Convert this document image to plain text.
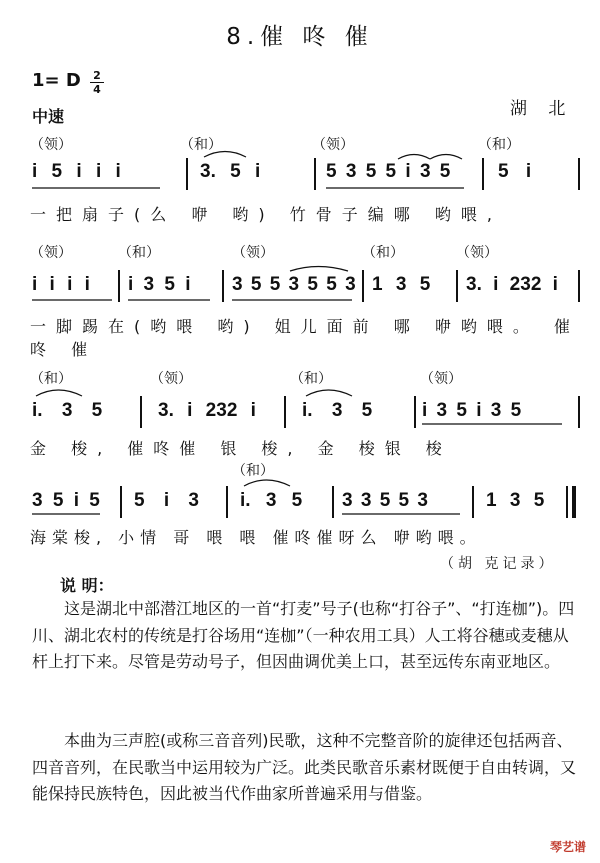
8.催 咚 催
1= D 2
4
中速	湖 北
（领）	（和）	（领）	（和）
i 5 i i i	3. 5 i	5 3 5 5 i 3 5	5 i
一把扇子(么 咿 哟) 竹骨子编哪 哟喂,
（领）	（和）	（领）	（和）	（领）
i i i i i 3 5 i 3 5 5 3 5 5 3 1 3 5 3. i 232 i
一脚踢在(哟喂 哟) 姐儿面前 哪 咿哟喂。 催咚 催
（和）	（领）	（和）	（领）
i. 3 5	3. i 232 i i. 3 5	i 3 5 i 3 5
金 梭, 催咚催 银 梭, 金 梭银 梭
（和）
3 5 i 5 5 i 3 i. 3 5 3 3 5 5 3	1 3 5
海棠梭, 小情 哥 喂 喂 催咚催呀么 咿哟喂。
（胡 克记录）
说 明：
这是湖北中部潜江地区的一首“打麦”号子(也称“打谷子”、“打连枷”)。四川、湖北农村的传统是打谷场用“连枷”（一种农用工具）人工将谷穗或麦穗从杆上打下来。尽管是劳动号子，但因曲调优美上口，甚至远传东南亚地区。
本曲为三声腔(或称三音音列)民歌，这种不完整音阶的旋律还包括两音、四音音列，在民歌当中运用较为广泛。此类民歌音乐素材既便于自由转调，又能保持民族特色，因此被当代作曲家所普遍采用与借鉴。
琴艺谱
